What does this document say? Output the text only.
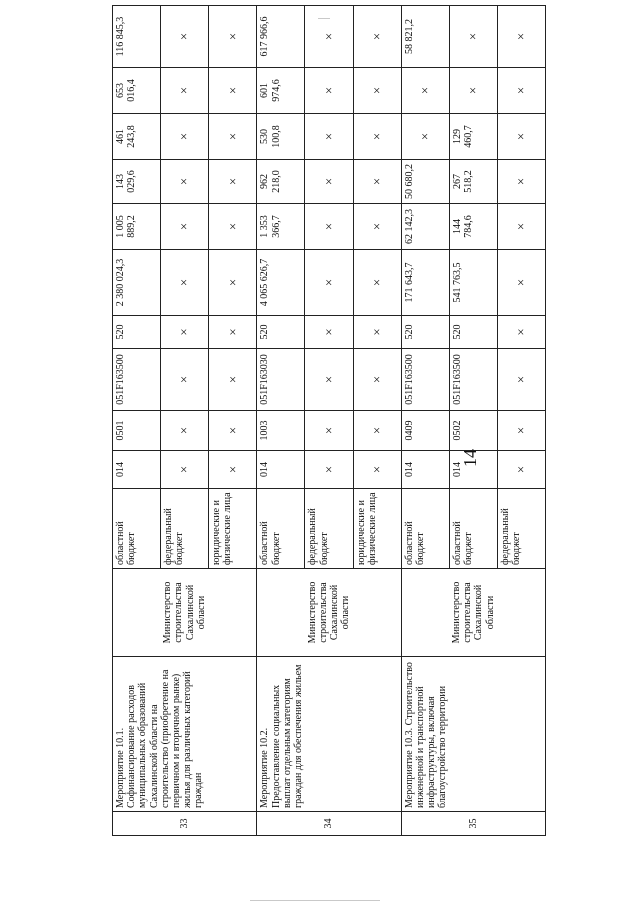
14
33	Мероприятие 10.1. Софинансирование расходов муниципальных образований Сахалинской области на строительство (приобретение на первичном и вторичном рынке) жилья для различных категорий граждан	Министерство строительства Сахалинской области	областной бюджет	014	0501	051F163500	520	2 380 024,3	1 005 889,2	143 029,6	461 243,8	653 016,4	116 845,3
			федеральный бюджет	×	×	×	×	×	×	×	×	×	×
			юридические и физические лица	×	×	×	×	×	×	×	×	×	×
34	Мероприятие 10.2. Предоставление социальных выплат отдельным категориям граждан для обеспечения жильем	Министерство строительства Сахалинской области	областной бюджет	014	1003	051F163030	520	4 065 626,7	1 353 366,7	962 218,0	530 100,8	601 974,6	617 966,6
			федеральный бюджет	×	×	×	×	×	×	×	×	×	×
			юридические и физические лица	×	×	×	×	×	×	×	×	×	×
35	Мероприятие 10.3. Строительство инженерной и транспортной инфраструктуры, включая благоустройство территории	Министерство строительства Сахалинской области	областной бюджет	014	0409	051F163500	520	171 643,7	62 142,3	50 680,2	×	×	58 821,2
			областной бюджет	014	0502	051F163500	520	541 763,5	144 784,6	267 518,2	129 460,7	×	×
			федеральный бюджет	×	×	×	×	×	×	×	×	×	×
